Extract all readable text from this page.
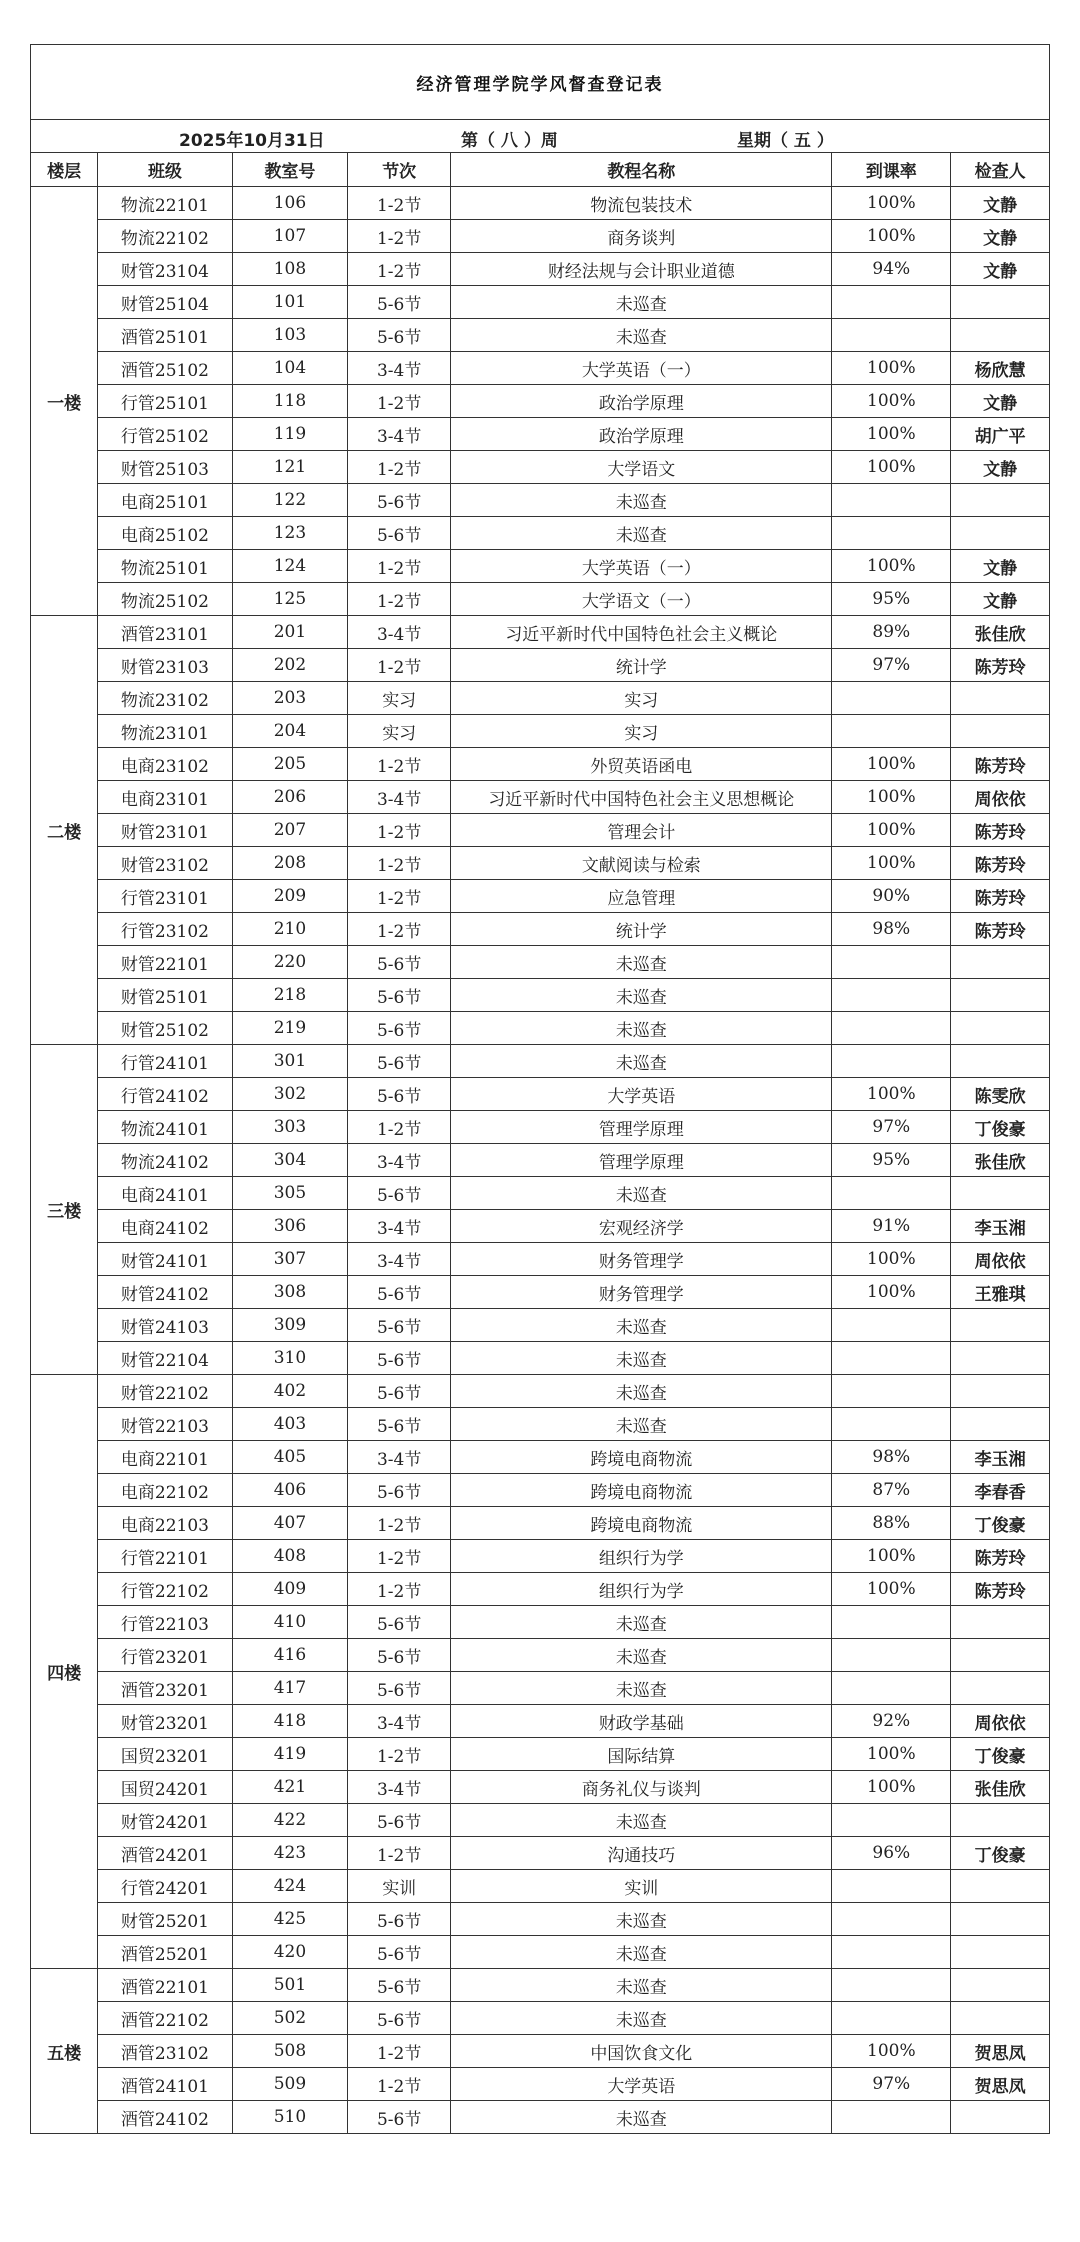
经济管理学院学风督查登记表						

2025年10月31日 第（ 八 ）周 星期（ 五 ）						

楼层	班级	教室号	节次	教程名称	到课率	检查人
一楼	物流22101	106	1-2节	物流包装技术	100%	文静
	物流22102	107	1-2节	商务谈判	100%	文静
	财管23104	108	1-2节	财经法规与会计职业道德	94%	文静
	财管25104	101	5-6节	未巡查		
	酒管25101	103	5-6节	未巡查		
	酒管25102	104	3-4节	大学英语（一）	100%	杨欣慧
	行管25101	118	1-2节	政治学原理	100%	文静
	行管25102	119	3-4节	政治学原理	100%	胡广平
	财管25103	121	1-2节	大学语文	100%	文静
	电商25101	122	5-6节	未巡查		
	电商25102	123	5-6节	未巡查		
	物流25101	124	1-2节	大学英语（一）	100%	文静
	物流25102	125	1-2节	大学语文（一）	95%	文静
二楼	酒管23101	201	3-4节	习近平新时代中国特色社会主义概论	89%	张佳欣
	财管23103	202	1-2节	统计学	97%	陈芳玲
	物流23102	203	实习	实习		
	物流23101	204	实习	实习		
	电商23102	205	1-2节	外贸英语函电	100%	陈芳玲
	电商23101	206	3-4节	习近平新时代中国特色社会主义思想概论	100%	周依依
	财管23101	207	1-2节	管理会计	100%	陈芳玲
	财管23102	208	1-2节	文献阅读与检索	100%	陈芳玲
	行管23101	209	1-2节	应急管理	90%	陈芳玲
	行管23102	210	1-2节	统计学	98%	陈芳玲
	财管22101	220	5-6节	未巡查		
	财管25101	218	5-6节	未巡查		
	财管25102	219	5-6节	未巡查		
三楼	行管24101	301	5-6节	未巡查		
	行管24102	302	5-6节	大学英语	100%	陈雯欣
	物流24101	303	1-2节	管理学原理	97%	丁俊豪
	物流24102	304	3-4节	管理学原理	95%	张佳欣
	电商24101	305	5-6节	未巡查		
	电商24102	306	3-4节	宏观经济学	91%	李玉湘
	财管24101	307	3-4节	财务管理学	100%	周依依
	财管24102	308	5-6节	财务管理学	100%	王雅琪
	财管24103	309	5-6节	未巡查		
	财管22104	310	5-6节	未巡查		
四楼	财管22102	402	5-6节	未巡查		
	财管22103	403	5-6节	未巡查		
	电商22101	405	3-4节	跨境电商物流	98%	李玉湘
	电商22102	406	5-6节	跨境电商物流	87%	李春香
	电商22103	407	1-2节	跨境电商物流	88%	丁俊豪
	行管22101	408	1-2节	组织行为学	100%	陈芳玲
	行管22102	409	1-2节	组织行为学	100%	陈芳玲
	行管22103	410	5-6节	未巡查		
	行管23201	416	5-6节	未巡查		
	酒管23201	417	5-6节	未巡查		
	财管23201	418	3-4节	财政学基础	92%	周依依
	国贸23201	419	1-2节	国际结算	100%	丁俊豪
	国贸24201	421	3-4节	商务礼仪与谈判	100%	张佳欣
	财管24201	422	5-6节	未巡查		
	酒管24201	423	1-2节	沟通技巧	96%	丁俊豪
	行管24201	424	实训	实训		
	财管25201	425	5-6节	未巡查		
	酒管25201	420	5-6节	未巡查		
五楼	酒管22101	501	5-6节	未巡查		
	酒管22102	502	5-6节	未巡查		
	酒管23102	508	1-2节	中国饮食文化	100%	贺思凤
	酒管24101	509	1-2节	大学英语	97%	贺思凤
	酒管24102	510	5-6节	未巡查		
